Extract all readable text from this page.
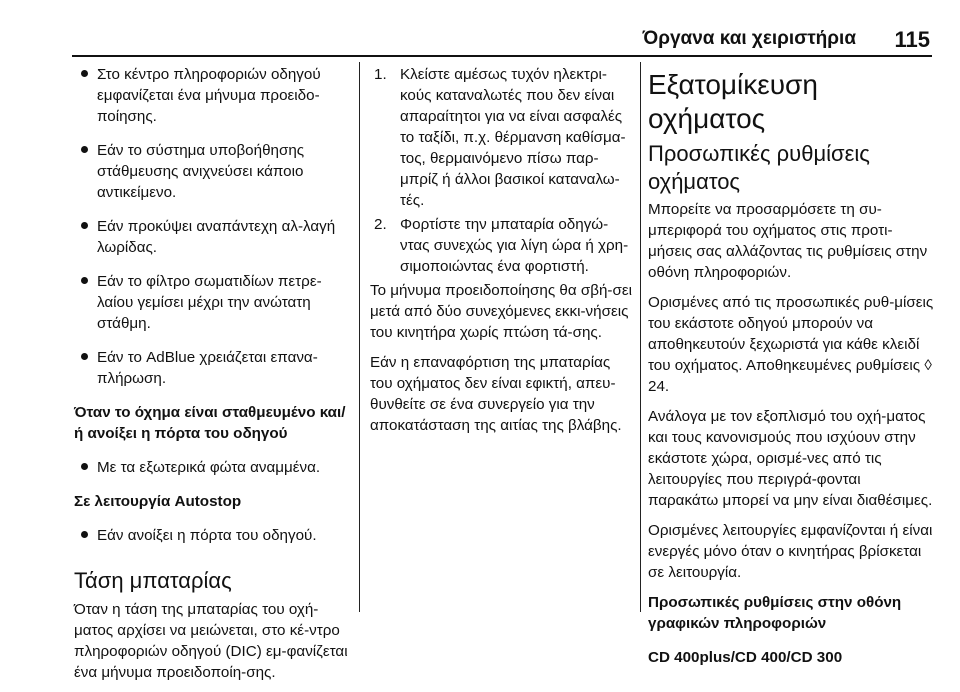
Όργανα και χειριστήρια	115
Στο κέντρο πληροφοριών οδηγού εμφανίζεται ένα μήνυμα προειδο-ποίησης.
Εάν το σύστημα υποβοήθησης στάθμευσης ανιχνεύσει κάποιο αντικείμενο.
Εάν προκύψει αναπάντεχη αλ-λαγή λωρίδας.
Εάν το φίλτρο σωματιδίων πετρε-λαίου γεμίσει μέχρι την ανώτατη στάθμη.
Εάν το AdBlue χρειάζεται επανα-πλήρωση.
Όταν το όχημα είναι σταθμευμένο και/ή ανοίξει η πόρτα του οδηγού
Με τα εξωτερικά φώτα αναμμένα.
Σε λειτουργία Autostop
Εάν ανοίξει η πόρτα του οδηγού.
Τάση μπαταρίας

Όταν η τάση της μπαταρίας του οχή-ματος αρχίσει να μειώνεται, στο κέ-ντρο πληροφοριών οδηγού (DIC) εμ-φανίζεται ένα μήνυμα προειδοποίη-σης.

1. Κλείστε αμέσως τυχόν ηλεκτρι-κούς καταναλωτές που δεν είναι απαραίτητοι για να είναι ασφαλές το ταξίδι, π.χ. θέρμανση καθίσμα-τος, θερμαινόμενο πίσω παρ-μπρίζ ή άλλοι βασικοί καταναλω-τές.
2. Φορτίστε την μπαταρία οδηγώ-ντας συνεχώς για λίγη ώρα ή χρη-σιμοποιώντας ένα φορτιστή.

Το μήνυμα προειδοποίησης θα σβή-σει μετά από δύο συνεχόμενες εκκι-νήσεις του κινητήρα χωρίς πτώση τά-σης.

Εάν η επαναφόρτιση της μπαταρίας του οχήματος δεν είναι εφικτή, απευ-θυνθείτε σε ένα συνεργείο για την αποκατάσταση της αιτίας της βλάβης.

Εξατομίκευση οχήματος
Προσωπικές ρυθμίσεις οχήματος

Μπορείτε να προσαρμόσετε τη συ-μπεριφορά του οχήματος στις προτι-μήσεις σας αλλάζοντας τις ρυθμίσεις στην οθόνη πληροφοριών.

Ορισμένες από τις προσωπικές ρυθ-μίσεις του εκάστοτε οδηγού μπορούν να αποθηκευτούν ξεχωριστά για κάθε κλειδί του οχήματος. Αποθηκευμένες ρυθμίσεις ◊ 24.

Ανάλογα με τον εξοπλισμό του οχή-ματος και τους κανονισμούς που ισχύουν στην εκάστοτε χώρα, ορισμέ-νες από τις λειτουργίες που περιγρά-φονται παρακάτω μπορεί να μην είναι διαθέσιμες.

Ορισμένες λειτουργίες εμφανίζονται ή είναι ενεργές μόνο όταν ο κινητήρας βρίσκεται σε λειτουργία.

Προσωπικές ρυθμίσεις στην οθόνη γραφικών πληροφοριών
CD 400plus/CD 400/CD 300
